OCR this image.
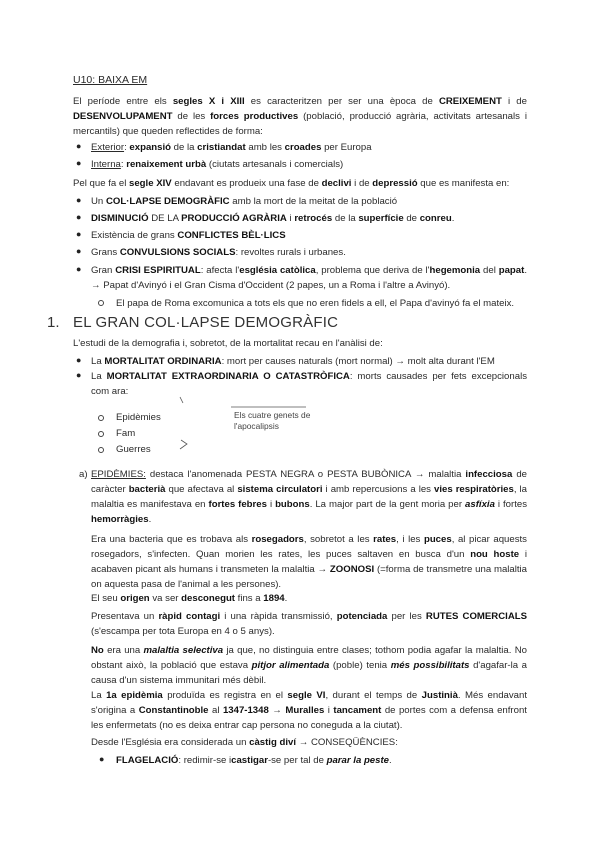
U10: BAIXA EM
El període entre els segles X i XIII es caracteritzen per ser una època de CREIXEMENT i de DESENVOLUPAMENT de les forces productives (població, producció agrària, activitats artesanals i mercantils) que queden reflectides de forma:
● Exterior: expansió de la cristiandat amb les croades per Europa
● Interna: renaixement urbà (ciutats artesanals i comercials)
Pel que fa el segle XIV endavant es produeix una fase de declivi i de depressió que es manifesta en:
● Un COL·LAPSE DEMOGRÀFIC amb la mort de la meitat de la població
● DISMINUCIÓ DE LA PRODUCCIÓ AGRÀRIA i retrocés de la superfície de conreu.
● Existència de grans CONFLICTES BÈL·LICS
● Grans CONVULSIONS SOCIALS: revoltes rurals i urbanes.
● Gran CRISI ESPIRITUAL: afecta l'església catòlica, problema que deriva de l'hegemonia del papat. → Papat d'Avinyó i el Gran Cisma d'Occident (2 papes, un a Roma i l'altre a Avinyó).
El papa de Roma excomunica a tots els que no eren fidels a ell, el Papa d'avinyó fa el mateix.
1. EL GRAN COL·LAPSE DEMOGRÀFIC
L'estudi de la demografia i, sobretot, de la mortalitat recau en l'anàlisi de:
● La MORTALITAT ORDINARIA: mort per causes naturals (mort normal) → molt alta durant l'EM
● La MORTALITAT EXTRAORDINARIA O CATASTRÒFICA: morts causades per fets excepcionals com ara:
Epidèmies
Fam
Guerres
Els cuatre genets de l'apocalipsis
a) EPIDÈMIES: destaca l'anomenada PESTA NEGRA o PESTA BUBÒNICA → malaltia infecciosa de caràcter bacterià que afectava al sistema circulatori i amb repercusions a les vies respiratòries, la malaltia es manifestava en fortes febres i bubons. La major part de la gent moria per asfíxia i fortes hemorràgies.
Era una bacteria que es trobava als rosegadors, sobretot a les rates, i les puces, al picar aquests rosegadors, s'infecten. Quan morien les rates, les puces saltaven en busca d'un nou hoste i acabaven picant als humans i transmeten la malaltia → ZOONOSI (=forma de transmetre una malaltia on aquesta pasa de l'animal a les persones).
El seu origen va ser desconegut fins a 1894.
Presentava un ràpid contagi i una ràpida transmissió, potenciada per les RUTES COMERCIALS (s'escampa per tota Europa en 4 o 5 anys).
No era una malaltia selectiva ja que, no distinguia entre clases; tothom podia agafar la malaltia. No obstant això, la població que estava pitjor alimentada (poble) tenia més possibilitats d'agafar-la a causa d'un sistema immunitari més dèbil.
La 1a epidèmia produïda es registra en el segle VI, durant el temps de Justinià. Més endavant s'origina a Constantinoble al 1347-1348 → Muralles i tancament de portes com a defensa enfront les enfermetats (no es deixa entrar cap persona no coneguda a la ciutat).
Desde l'Església era considerada un càstig diví → CONSEQÜÈNCIES:
● FLAGELACIÓ: redimir-se icastigar-se per tal de parar la peste.
